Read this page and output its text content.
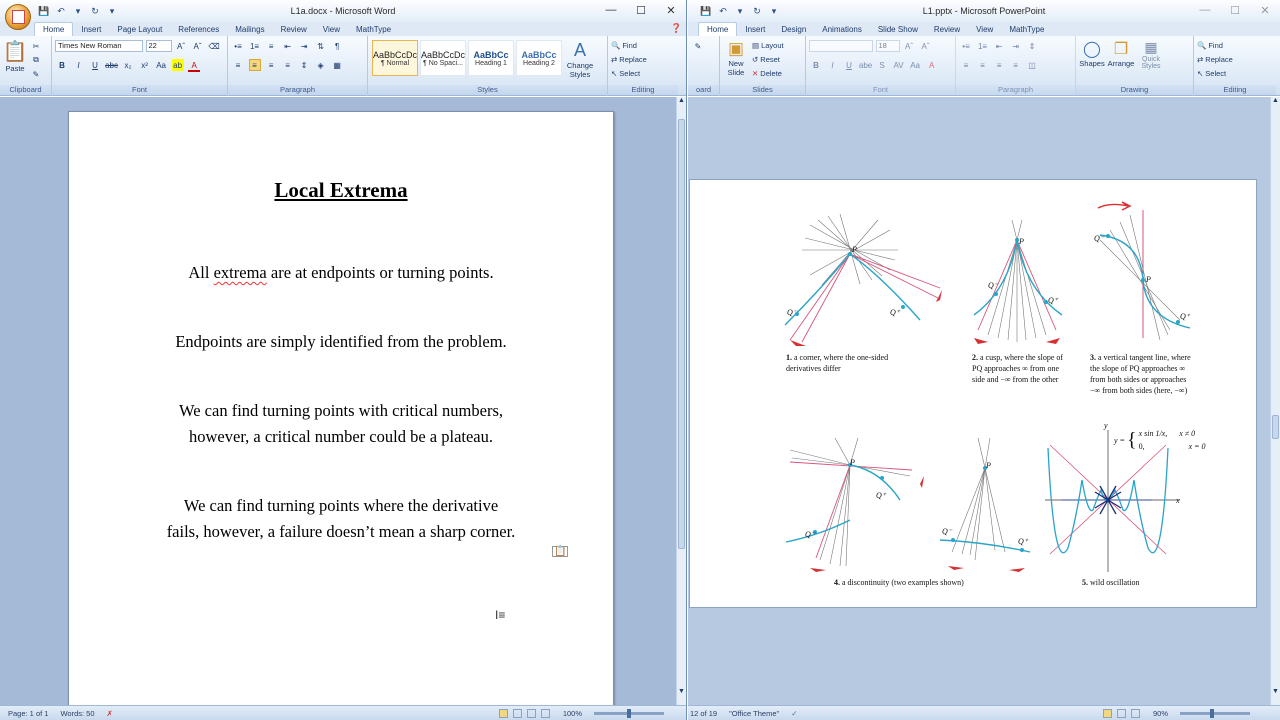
💾 ↶	▾	↻	▾	L1a.docx - Microsoft Word	—	☐	✕
Home	Insert	Page Layout	References	Mailings	Review	View	MathType	❓
📋
Paste
✂
⧉
✎
Clipboard
Times New Roman	22	Aˆ Aˇ ⌫
B I U abc x₂ x² Aa ab A
Font
•≡ 1≡ ≡ ⇤ ⇥ ⇅ ¶
≡ ≡ ≡ ≡ ⇕ ◈ ▦
Paragraph
AaBbCcDc
¶ Normal
AaBbCcDc
¶ No Spaci...
AaBbCc
Heading 1
AaBbCc
Heading 2
A
Change Styles
Styles
🔍 Find
⇄ Replace
↖ Select
Editing
Local Extrema
All extrema are at endpoints or turning points.
Endpoints are simply identified from the problem.
We can find turning points with critical numbers,
however, a critical number could be a plateau.
We can find turning points where the derivative
fails, however, a failure doesn’t mean a sharp corner.
📋
I≡
▲
▼
Page: 1 of 1 Words: 50 ✗	100%
💾 ↶	▾	↻	▾	L1.pptx - Microsoft PowerPoint	—	☐	✕
Home	Insert	Design	Animations	Slide Show	Review	View	MathType
✎
oard
▣
New Slide
▤ Layout
↺ Reset
✕ Delete
Slides
18 Aˆ Aˇ
B I U abe S AV Aa A
Font
•≡ 1≡ ⇤ ⇥ ⇕
≡ ≡ ≡ ≡ ◫
Paragraph
◯
Shapes
❐
Arrange
▦
Quick Styles
Drawing
🔍 Find
⇄ Replace
↖ Select
Editing
P
Q⁻	Q⁺
P
Q⁻
Q⁺
P
Q⁻
Q⁺
P
Q⁺
Q⁻
P
Q⁻
Q⁺
x
y
y = { x sin 1/x, x ≠ 0
0,	x = 0
1. a corner, where the one-sided derivatives differ
2. a cusp, where the slope of PQ approaches ∞ from one side and −∞ from the other
3. a vertical tangent line, where the slope of PQ approaches ∞ from both sides or approaches −∞ from both sides (here, −∞)
4. a discontinuity (two examples shown)	5. wild oscillation
▲
▼
12 of 19 "Office Theme" ✓	90%
